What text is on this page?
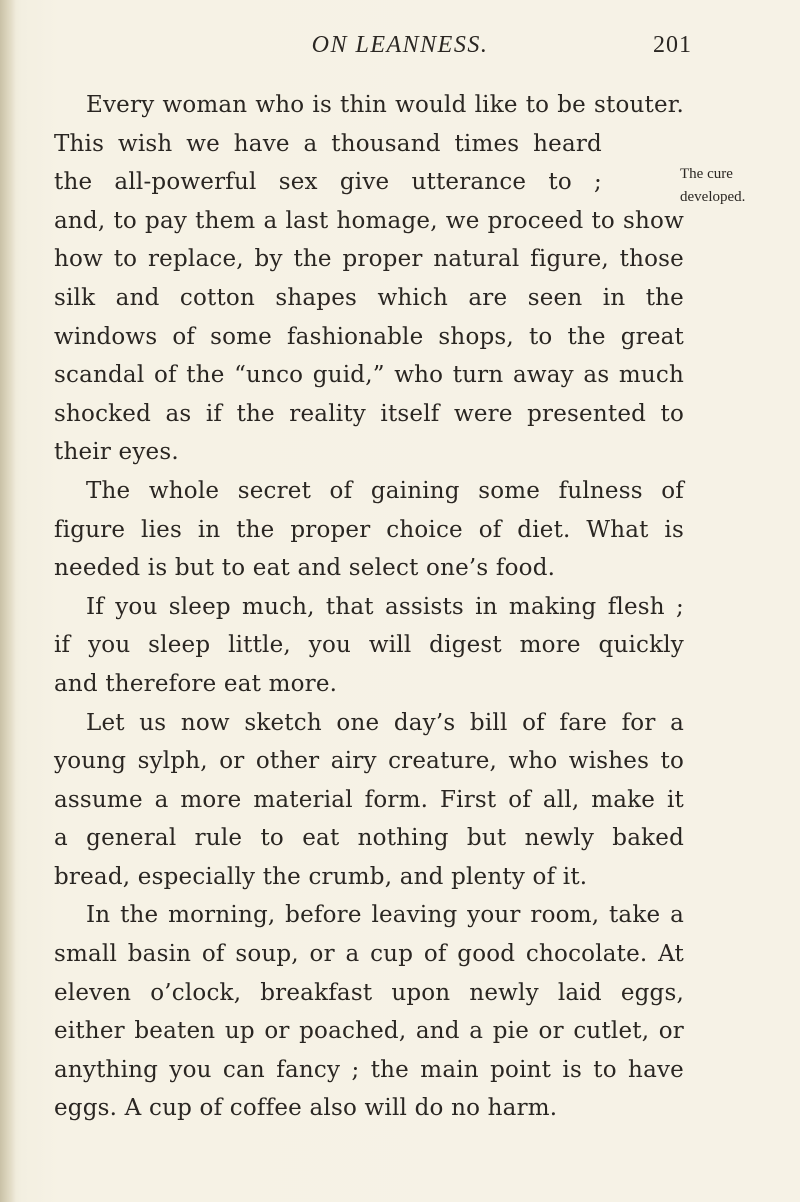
ON LEANNESS.	201
The cure
developed.
Every woman who is thin would like to be stouter.
This wish we have a thousand times heard
the all-powerful sex give utterance to ;
and, to pay them a last homage, we proceed to show
how to replace, by the proper natural figure, those
silk and cotton shapes which are seen in the
windows of some fashionable shops, to the great
scandal of the “unco guid,” who turn away as much
shocked as if the reality itself were presented to
their eyes.
The whole secret of gaining some fulness of
figure lies in the proper choice of diet. What is
needed is but to eat and select one’s food.
If you sleep much, that assists in making flesh ;
if you sleep little, you will digest more quickly
and therefore eat more.
Let us now sketch one day’s bill of fare for a
young sylph, or other airy creature, who wishes to
assume a more material form. First of all, make it
a general rule to eat nothing but newly baked
bread, especially the crumb, and plenty of it.
In the morning, before leaving your room, take a
small basin of soup, or a cup of good chocolate. At
eleven o’clock, breakfast upon newly laid eggs,
either beaten up or poached, and a pie or cutlet, or
anything you can fancy ; the main point is to have
eggs. A cup of coffee also will do no harm.
